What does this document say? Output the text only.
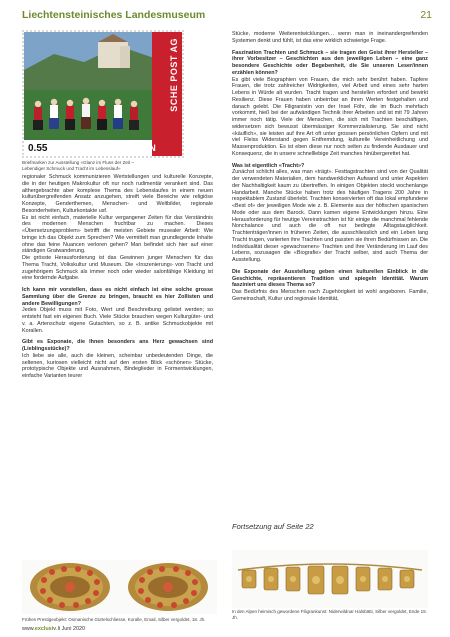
Liechtensteinisches Landesmuseum	21
0.55	LIECHTENSTEIN
SCHE POST AG
Briefmarken zur Ausstellung «Glanz im Fluss der Zeit –
Lebendiger Schmuck und Tracht im Lebenslauf»

regionaler Schmuck kommunizieren Wertstellungen und kulturelle Konzepte, die in der heutigen Makrokultur oft nur noch rudimentär verankert sind. Das althergebrachte aber komplexe Thema des Lebenslaufes in einem neuen kulturübergreifenden Ansatz anzugehen, streift viele Bereiche wie religiöse Konzepte, Genderthemen, Menschen- und Weltbilder, regionale Besonderheiten, Kulturkontakte usf.

Es ist nicht einfach, materielle Kultur vergangener Zeiten für das Verständnis des modernen Menschen fruchtbar zu machen. Dieses «Übersetzungsproblem» betrifft die meisten Gebiete musealer Arbeit: Wie bringe ich das Objekt zum Sprechen? Wie vermittelt man grundlegende Inhalte ohne das feine Nuancen verloren gehen? Man befindet sich hier auf einer ständigen Gratwanderung.

Die grösste Herausforderung ist das Gewinnen junger Menschen für das Thema Tracht, Volkskultur und Museum. Die «Inszenierung» von Tracht und zugehörigem Schmuck als immer noch oder wieder salonfähige Kleidung ist eine fordernde Aufgabe.

Ich kann mir vorstellen, dass es nicht einfach ist eine solche grosse Sammlung über die Grenze zu bringen, braucht es hier Zollisten und andere Bewilligungen?

Jedes Objekt muss mit Foto, Wert und Beschreibung gelistet werden; so entsteht fast ein eigenes Buch. Viele Stücke brauchen wegen Kulturgüter- und v. a. Artenschutz eigene Gutachten, so z. B. antike Schmuckobjekte mit Korallen.

Gibt es Exponate, die Ihnen besonders ans Herz gewachsen sind (Lieblingsstücke)?

Ich liebe sie alle, auch die kleinen, scheinbar unbedeutenden Dinge, die seltenen, kuriosen vielleicht nicht auf den ersten Blick «schönen» Stücke, prototypische Objekte und Ausnahmen, Bindeglieder in Formentwicklungen, einfache Varianten teurer

Stücke, moderne Weiterentwicklungen… wenn man in ineinandergreifenden Systemen denkt und fühlt, ist das eine wirklich schwierige Frage.

Faszination Trachten und Schmuck – sie tragen den Geist ihrer Hersteller – ihrer Vorbesitzer – Geschichten aus den jeweiligen Leben – eine ganz besondere Geschichte oder Begebenheit, die Sie unseren Leser/innen erzählen können?

Es gibt viele Biographien von Frauen, die mich sehr berührt haben. Tapfere Frauen, die trotz zahlreicher Widrigkeiten, viel Arbeit und eines sehr harten Lebens in Würde alt wurden. Tracht tragen und herstellen erfordert und bewirkt Resilienz. Diese Frauen haben unbeirrbar an ihren Werten festgehalten und danach gelebt. Die Filigranistin von der Insel Föhr, die im Buch mehrfach vorkommt, hieß bei der aufwändigen Technik ihrer Arbeiten und ist mit 79 Jahren immer noch tätig. Viele der Menschen, die sich mit Trachten beschäftigen, widersetzen sich bewusst übermässiger Kommerzialisierung. Sie sind nicht «käuflich», sie leisten auf ihre Art oft unter grossen persönlichen Opfern und mit viel Fleiss Widerstand gegen Entfremdung, kulturelle Vereinheitlichung und Massenproduktion. Es ist eben diese nur noch selten zu findende Ausdauer und Konsequenz, die in unsere schnelllebige Zeit manches hinübergerettet hat.

Was ist eigentlich «Tracht»?

Zunächst schlicht alles, was man «trägt». Festtagstrachten sind von der Qualität der verwendeten Materialien, dem handwerklichen Aufwand und unter Aspekten der Nachhaltigkeit kaum zu übertreffen. In einigen Objekten steckt wochenlange Handarbeit. Manche Stücke haben trotz des häufigen Tragens 200 Jahre in respektablem Zustand überlebt. Trachten konservierten oft das lokal empfundene «Best of» der jeweiligen Mode wie z. B. Elemente aus der höfischen spanischen Mode oder aus dem Barock. Dann kamen eigene Entwicklungen hinzu. Eine Herausforderung für heutige Vereinstrachten ist für einige die manchmal fehlende Nonchalance und auch die oft nur bedingte Alltagstauglichkeit. Trachtenträger/innen in früheren Zeiten, die ausschliesslich und ein Leben lang Tracht trugen, variierten ihre Trachten und passten sie ihren Bedürfnissen an. Die Individualität dieser «gewachsenen» Trachten und ihre Veränderung im Lauf des Lebens, sozusagen die «Biografie» der Tracht selber, sind auch Thema der Ausstellung.

Die Exponate der Ausstellung geben einen kulturellen Einblick in die Geschichte, repräsentieren Tradition und spiegeln Identität. Warum fasziniert uns dieses Thema so?

Das Bedürfnis des Menschen nach Zugehörigkeit ist wohl angeboren. Familie, Gemeinschaft, Kultur und regionale Identität,

Fortsetzung auf Seite 22
Frühes Prestigeobjekt: Osmanische Gürtelschliesse, Koralle, Email, Silber vergoldet, 18. Jh.
In den Alpen heimisch gewordene Filigrankunst: Niderwildnar Halsbätti, Silber vergoldet, Ende 19. Jh.
www.exclusiv.li Juni 2020
